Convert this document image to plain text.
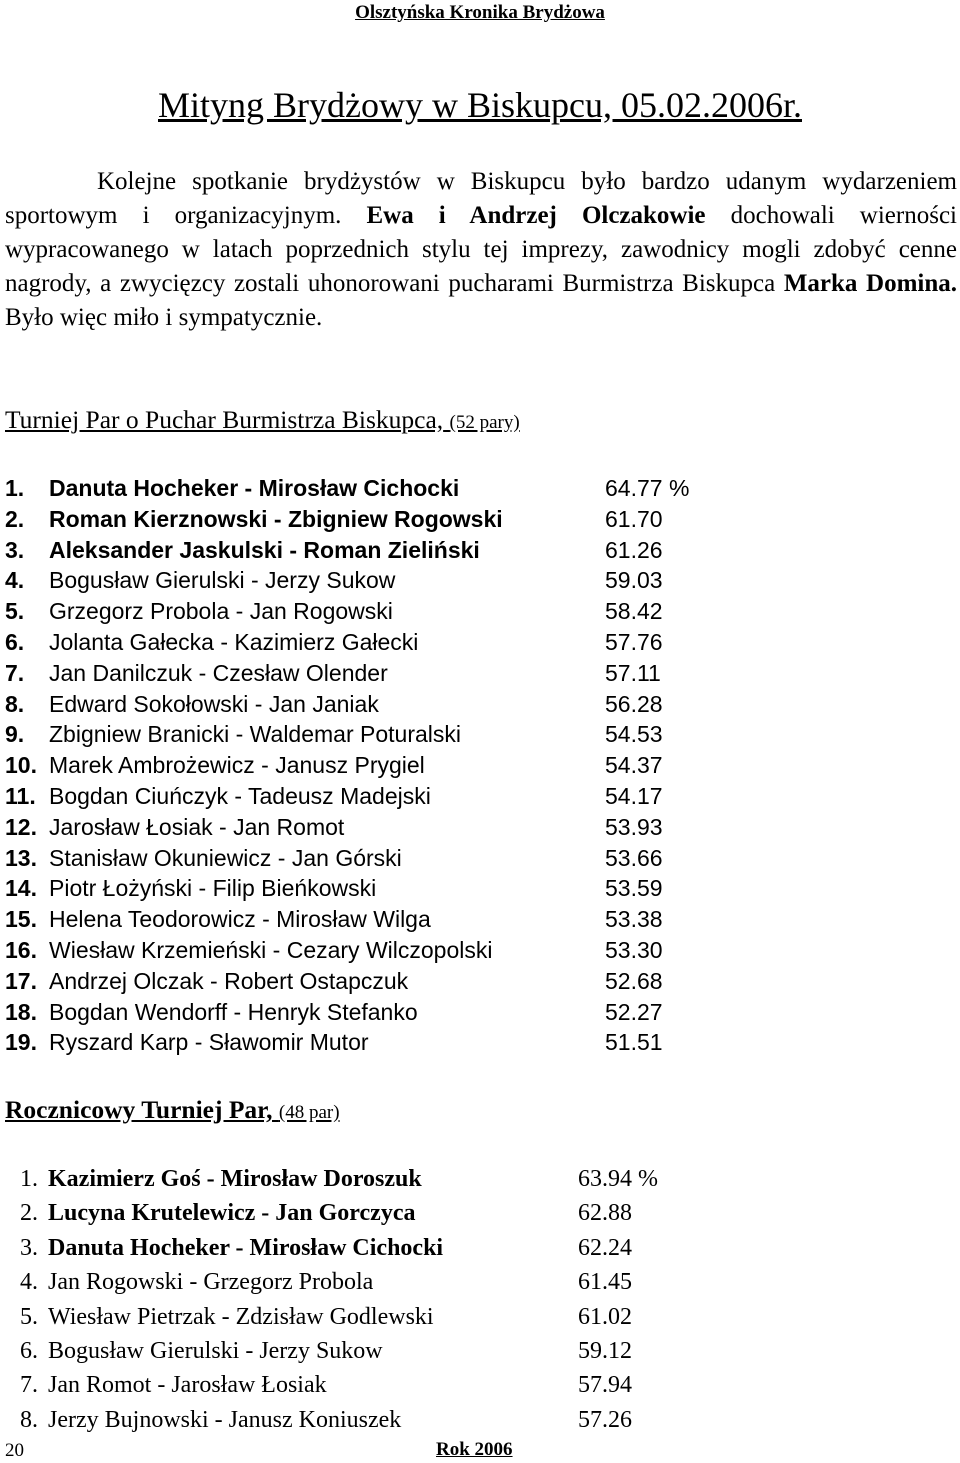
Olsztyńska Kronika Brydżowa
Mityng Brydżowy w Biskupcu, 05.02.2006r.

Kolejne spotkanie brydżystów w Biskupcu było bardzo udanym wydarzeniem sportowym i organizacyjnym. Ewa i Andrzej Olczakowie dochowali wierności wypracowanego w latach poprzednich stylu tej imprezy, zawodnicy mogli zdobyć cenne nagrody, a zwycięzcy zostali uhonorowani pucharami Burmistrza Biskupca Marka Domina. Było więc miło i sympatycznie.

Turniej Par o Puchar Burmistrza Biskupca, (52 pary)
1. Danuta Hocheker - Mirosław Cichocki	64.77 %
2. Roman Kierznowski - Zbigniew Rogowski	61.70
3. Aleksander Jaskulski - Roman Zieliński	61.26
4. Bogusław Gierulski - Jerzy Sukow	59.03
5. Grzegorz Probola - Jan Rogowski	58.42
6. Jolanta Gałecka - Kazimierz Gałecki	57.76
7. Jan Danilczuk - Czesław Olender	57.11
8. Edward Sokołowski - Jan Janiak	56.28
9. Zbigniew Branicki - Waldemar Poturalski	54.53
10. Marek Ambrożewicz - Janusz Prygiel	54.37
11. Bogdan Ciuńczyk - Tadeusz Madejski	54.17
12. Jarosław Łosiak - Jan Romot	53.93
13. Stanisław Okuniewicz - Jan Górski	53.66
14. Piotr Łożyński - Filip Bieńkowski	53.59
15. Helena Teodorowicz - Mirosław Wilga	53.38
16. Wiesław Krzemieński - Cezary Wilczopolski	53.30
17. Andrzej Olczak - Robert Ostapczuk	52.68
18. Bogdan Wendorff - Henryk Stefanko	52.27
19. Ryszard Karp - Sławomir Mutor	51.51
Rocznicowy Turniej Par, (48 par)
1. Kazimierz Goś - Mirosław Doroszuk	63.94 %
2. Lucyna Krutelewicz - Jan Gorczyca	62.88
3. Danuta Hocheker - Mirosław Cichocki	62.24
4. Jan Rogowski - Grzegorz Probola	61.45
5. Wiesław Pietrzak - Zdzisław Godlewski	61.02
6. Bogusław Gierulski - Jerzy Sukow	59.12
7. Jan Romot - Jarosław Łosiak	57.94
8. Jerzy Bujnowski - Janusz Koniuszek	57.26
20	Rok 2006
